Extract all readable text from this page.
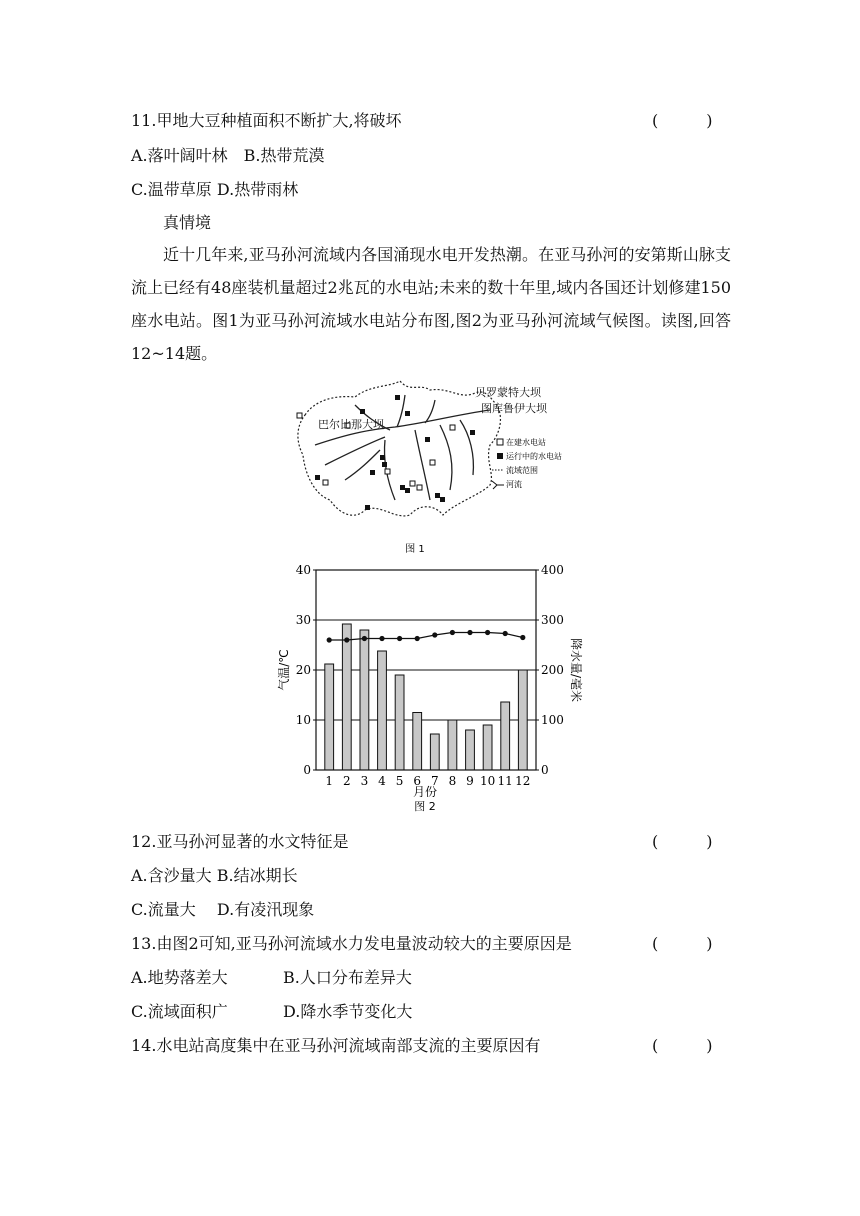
11.甲地大豆种植面积不断扩大,将破坏	(　　　)
A.落叶阔叶林　B.热带荒漠
C.温带草原 D.热带雨林
真情境
近十几年来,亚马孙河流域内各国涌现水电开发热潮。在亚马孙河的安第斯山脉支流上已经有48座装机量超过2兆瓦的水电站;未来的数十年里,域内各国还计划修建150座水电站。图1为亚马孙河流域水电站分布图,图2为亚马孙河流域气候图。读图,回答12~14题。
巴尔比那大坝
贝罗蒙特大坝
图库鲁伊大坝
在建水电站
运行中的水电站
流域范围
河流
图 1
0
10
20
30
40
0
100
200
300
400
1 2 3 4 5 6 7 8 9 10 11 12
气温/℃	降水量/毫米
月份
图 2
12.亚马孙河显著的水文特征是	(　　　)
A.含沙量大 B.结冰期长
C.流量大　 D.有凌汛现象
13.由图2可知,亚马孙河流域水力发电量波动较大的主要原因是	(　　　)
A.地势落差大	B.人口分布差异大
C.流域面积广	D.降水季节变化大
14.水电站高度集中在亚马孙河流域南部支流的主要原因有	(　　　)
